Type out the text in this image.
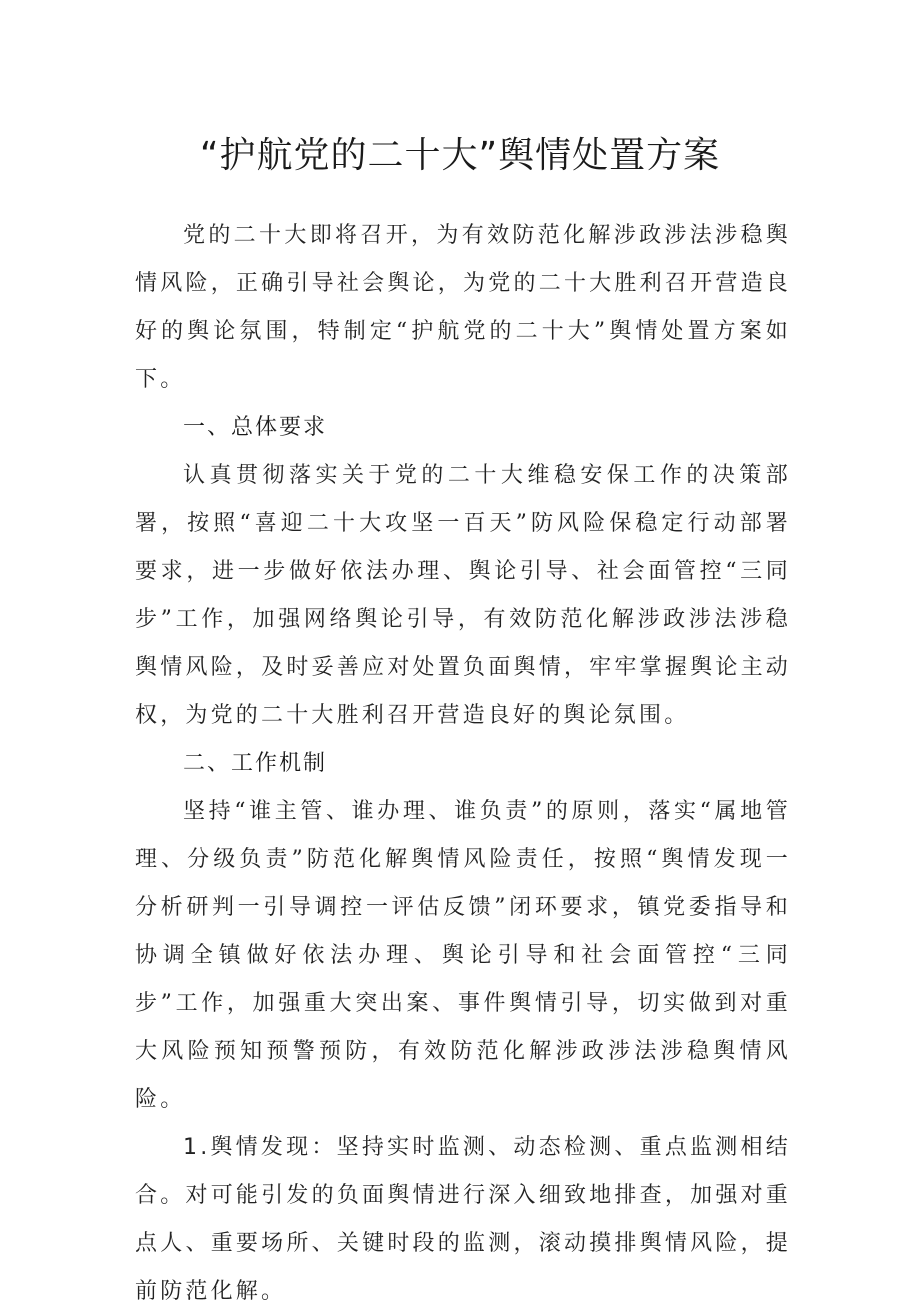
“护航党的二十大”舆情处置方案

党的二十大即将召开，为有效防范化解涉政涉法涉稳舆情风险，正确引导社会舆论，为党的二十大胜利召开营造良好的舆论氛围，特制定“护航党的二十大”舆情处置方案如下。

一、总体要求

认真贯彻落实关于党的二十大维稳安保工作的决策部署，按照“喜迎二十大攻坚一百天”防风险保稳定行动部署要求，进一步做好依法办理、舆论引导、社会面管控“三同步”工作，加强网络舆论引导，有效防范化解涉政涉法涉稳舆情风险，及时妥善应对处置负面舆情，牢牢掌握舆论主动权，为党的二十大胜利召开营造良好的舆论氛围。

二、工作机制

坚持“谁主管、谁办理、谁负责”的原则，落实“属地管理、分级负责”防范化解舆情风险责任，按照“舆情发现一分析研判一引导调控一评估反馈”闭环要求，镇党委指导和协调全镇做好依法办理、舆论引导和社会面管控“三同步”工作，加强重大突出案、事件舆情引导，切实做到对重大风险预知预警预防，有效防范化解涉政涉法涉稳舆情风险。

1.舆情发现：坚持实时监测、动态检测、重点监测相结合。对可能引发的负面舆情进行深入细致地排查，加强对重点人、重要场所、关键时段的监测，滚动摸排舆情风险，提前防范化解。
